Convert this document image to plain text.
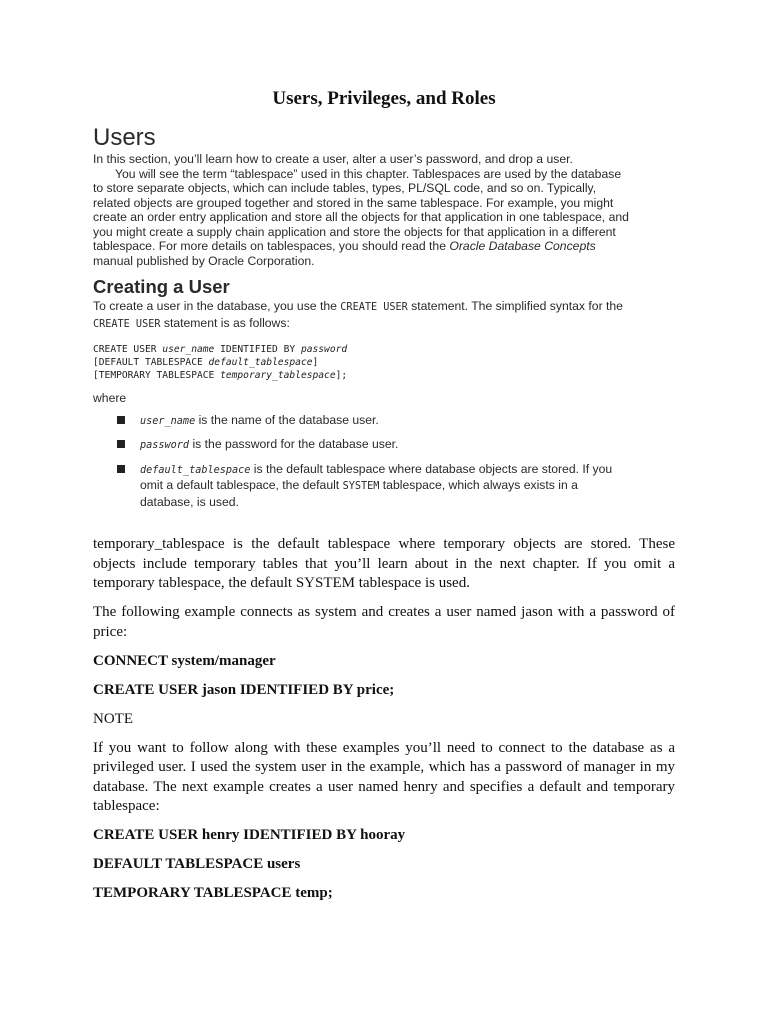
Users, Privileges, and Roles
Users

In this section, you’ll learn how to create a user, alter a user’s password, and drop a user.

You will see the term “tablespace” used in this chapter. Tablespaces are used by the database to store separate objects, which can include tables, types, PL/SQL code, and so on. Typically, related objects are grouped together and stored in the same tablespace. For example, you might create an order entry application and store all the objects for that application in one tablespace, and you might create a supply chain application and store the objects for that application in a different tablespace. For more details on tablespaces, you should read the Oracle Database Concepts manual published by Oracle Corporation.

Creating a User

To create a user in the database, you use the CREATE USER statement. The simplified syntax for the CREATE USER statement is as follows:

CREATE USER user_name IDENTIFIED BY password
[DEFAULT TABLESPACE default_tablespace]
[TEMPORARY TABLESPACE temporary_tablespace];

where

user_name is the name of the database user.
password is the password for the database user.
default_tablespace is the default tablespace where database objects are stored. If you omit a default tablespace, the default SYSTEM tablespace, which always exists in a database, is used.

temporary_tablespace is the default tablespace where temporary objects are stored. These objects include temporary tables that you’ll learn about in the next chapter. If you omit a temporary tablespace, the default SYSTEM tablespace is used.

The following example connects as system and creates a user named jason with a password of price:

CONNECT system/manager

CREATE USER jason IDENTIFIED BY price;

NOTE

If you want to follow along with these examples you’ll need to connect to the database as a privileged user. I used the system user in the example, which has a password of manager in my database. The next example creates a user named henry and specifies a default and temporary tablespace:

CREATE USER henry IDENTIFIED BY hooray

DEFAULT TABLESPACE users

TEMPORARY TABLESPACE temp;
